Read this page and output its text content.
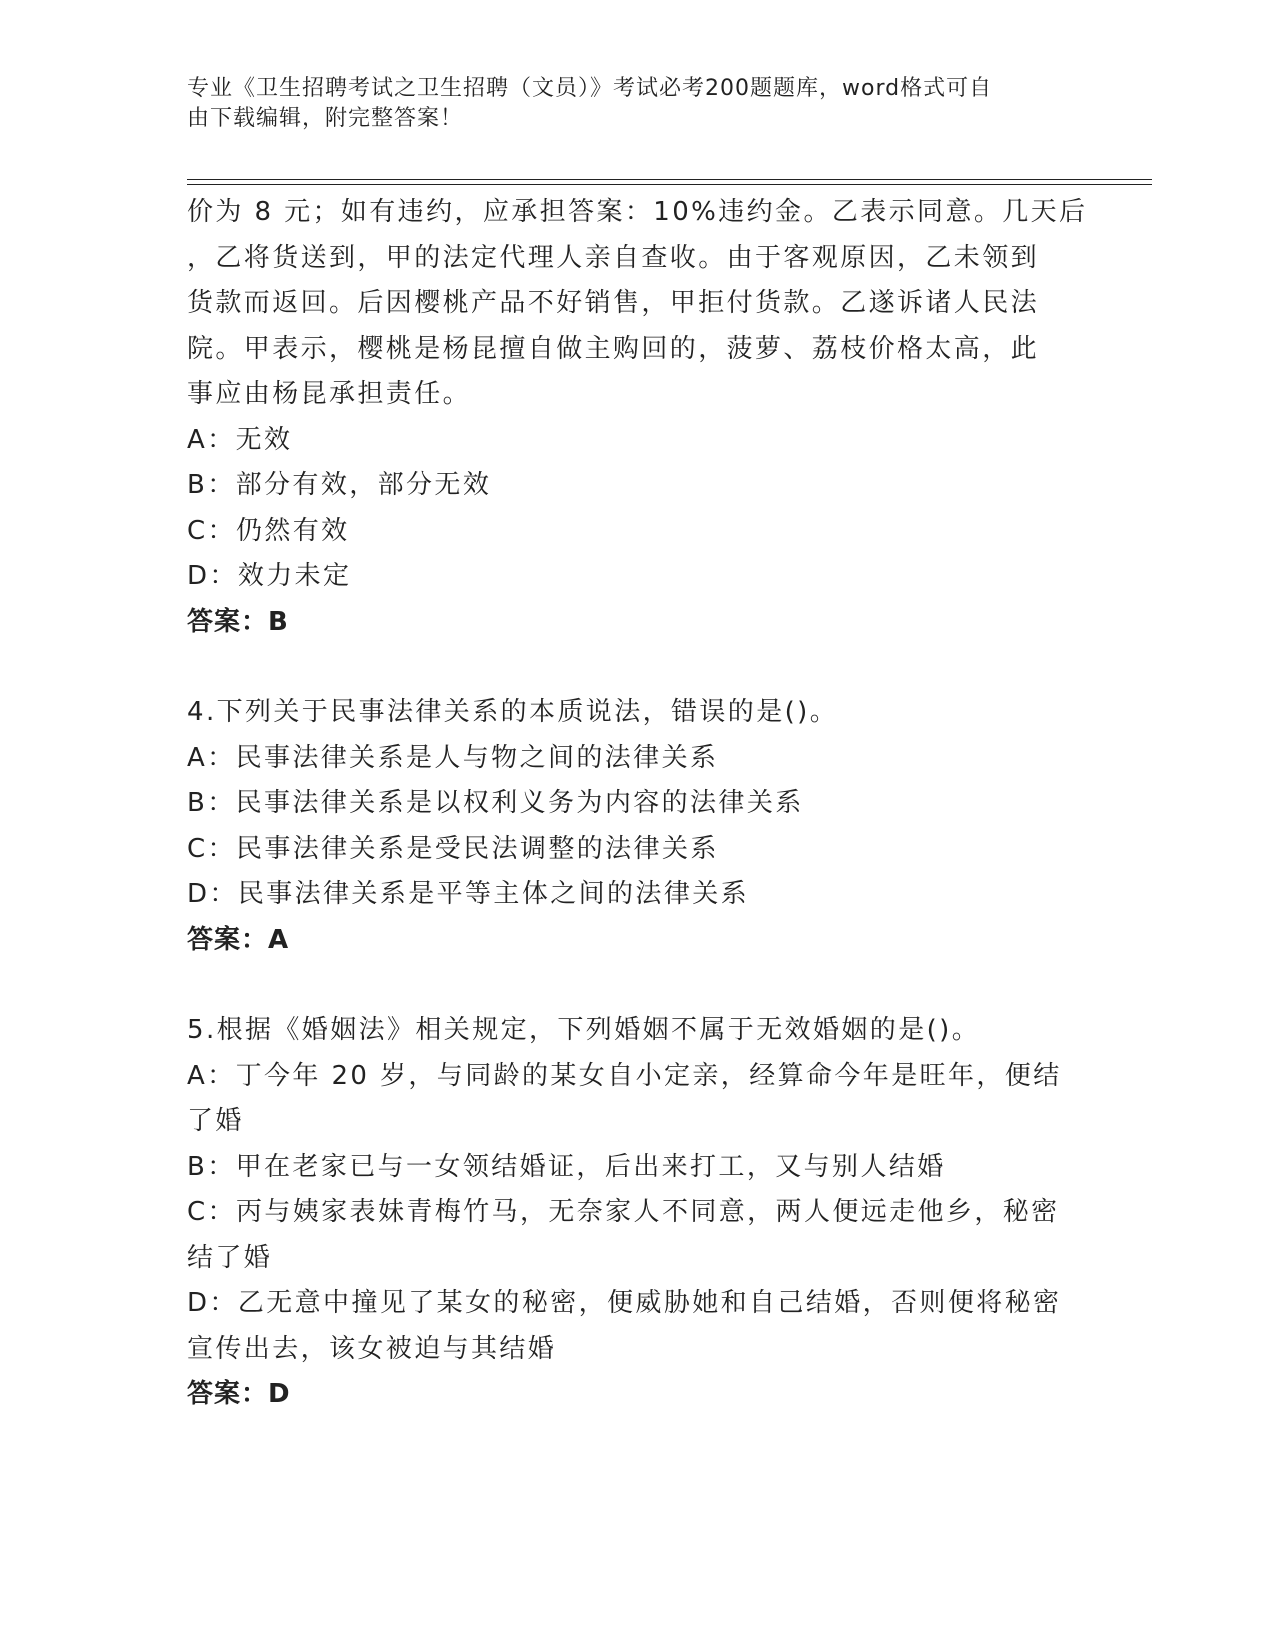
专业《卫生招聘考试之卫生招聘（文员）》考试必考200题题库，word格式可自
由下载编辑，附完整答案！

价为 8 元；如有违约，应承担答案：10%违约金。乙表示同意。几天后

，乙将货送到，甲的法定代理人亲自查收。由于客观原因，乙未领到

货款而返回。后因樱桃产品不好销售，甲拒付货款。乙遂诉诸人民法

院。甲表示，樱桃是杨昆擅自做主购回的，菠萝、荔枝价格太高，此

事应由杨昆承担责任。

A：无效

B：部分有效，部分无效

C：仍然有效

D：效力未定

答案：B

4.下列关于民事法律关系的本质说法，错误的是()。

A：民事法律关系是人与物之间的法律关系

B：民事法律关系是以权利义务为内容的法律关系

C：民事法律关系是受民法调整的法律关系

D：民事法律关系是平等主体之间的法律关系

答案：A

5.根据《婚姻法》相关规定，下列婚姻不属于无效婚姻的是()。

A：丁今年 20 岁，与同龄的某女自小定亲，经算命今年是旺年，便结

了婚

B：甲在老家已与一女领结婚证，后出来打工，又与别人结婚

C：丙与姨家表妹青梅竹马，无奈家人不同意，两人便远走他乡，秘密

结了婚

D：乙无意中撞见了某女的秘密，便威胁她和自己结婚，否则便将秘密

宣传出去，该女被迫与其结婚

答案：D
